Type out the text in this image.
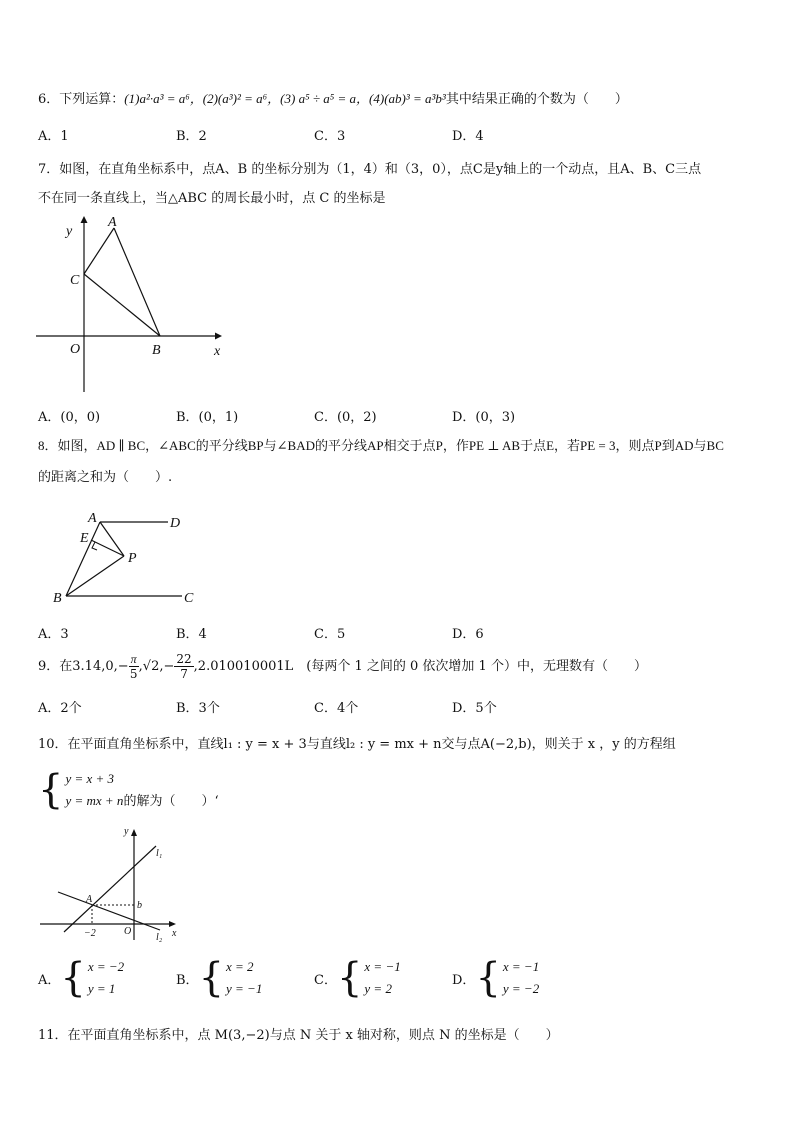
6．下列运算：(1)a²·a³ = a⁶，(2)(a³)² = a⁶，(3) a⁵ ÷ a⁵ = a，(4)(ab)³ = a³b³其中结果正确的个数为（　　）
A．1	B．2	C．3	D．4
7．如图，在直角坐标系中，点A、B 的坐标分别为（1，4）和（3，0），点C是y轴上的一个动点，且A、B、C三点
不在同一条直线上，当△ABC 的周长最小时，点 C 的坐标是
y
x
A
C
O	B
A．(0，0)	B．(0，1)	C．(0，2)	D．(0，3)
8．如图，AD ∥ BC，∠ABC的平分线BP与∠BAD的平分线AP相交于点P，作PE ⊥ AB于点E，若PE = 3，则点P到AD与BC
的距离之和为（　　）.
A	D
E
P
B	C
A．3	B．4	C．5	D．6
9．在$3.14,0,- \frac{\pi}{5} ,√2,- \frac{22}{7} ,2.010010001L$　(每两个 1 之间的 0 依次增加 1 个）中，无理数有（　　）
A．2个	B．3个	C．4个	D．5个
10．在平面直角坐标系中，直线l₁ : y = x + 3与直线l₂ : y = mx + n交与点A(−2,b)，则关于 x ，y 的方程组
{ y = x + 3
y = mx + n 的解为（　　）‘
y
l₁
l₂
A
b
−2	O	x
A． { x = −2
y = 1
B． { x = 2
y = −1
C． { x = −1
y = 2
D． { x = −1
y = −2
11．在平面直角坐标系中，点 M(3,−2)与点 N 关于 x 轴对称，则点 N 的坐标是（　　）
